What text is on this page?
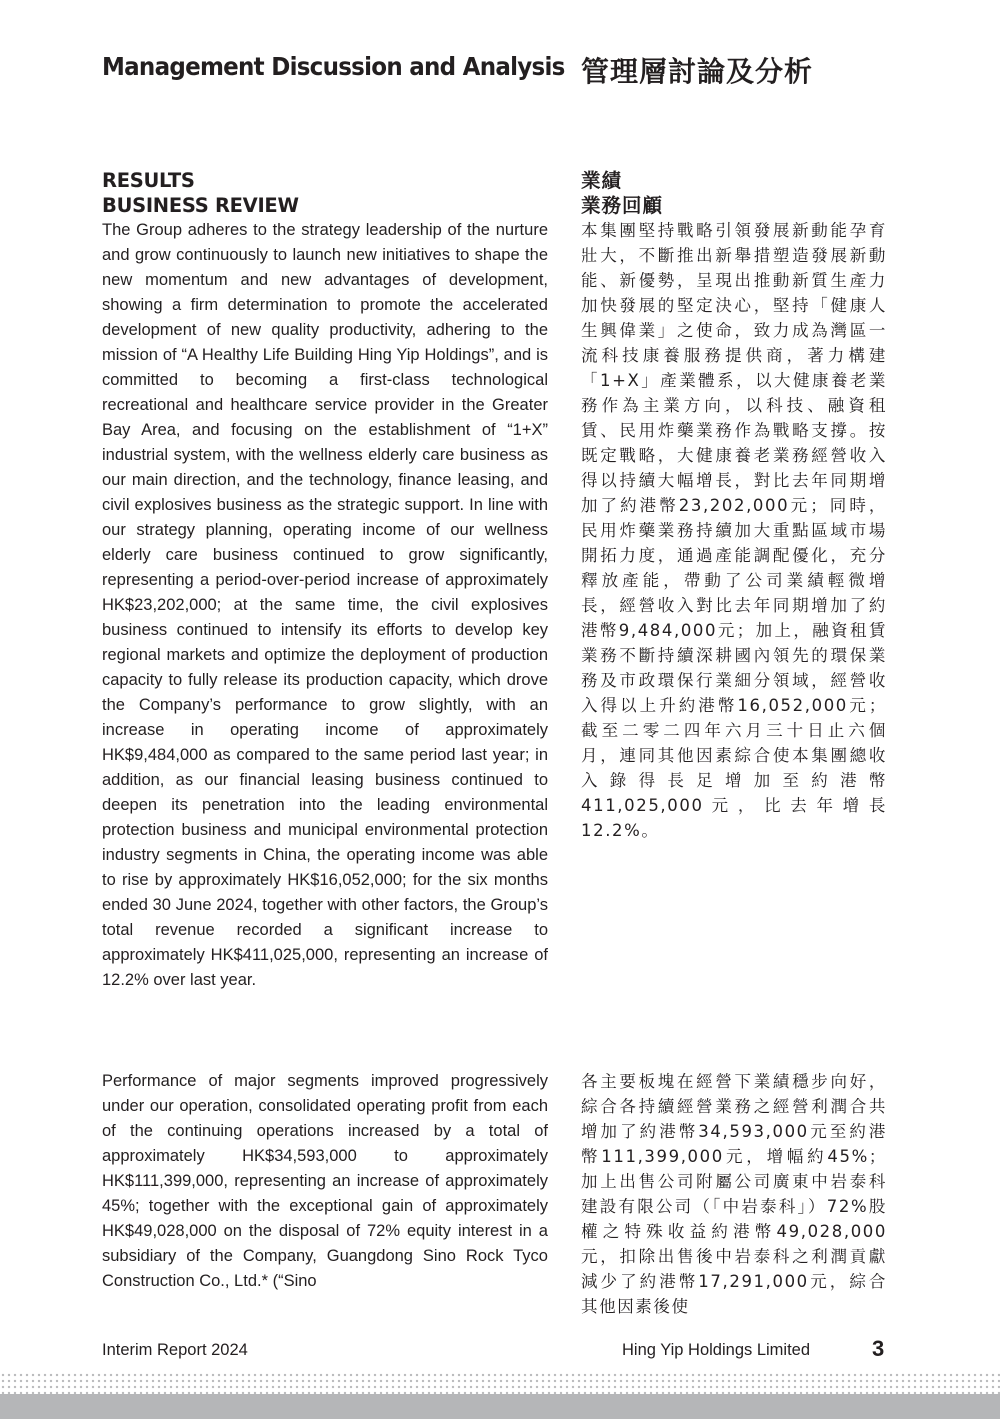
Management Discussion and Analysis 管理層討論及分析
RESULTS
BUSINESS REVIEW
業績
業務回顧

The Group adheres to the strategy leadership of the nurture and grow continuously to launch new initiatives to shape the new momentum and new advantages of development, showing a firm determination to promote the accelerated development of new quality productivity, adhering to the mission of “A Healthy Life Building Hing Yip Holdings”, and is committed to becoming a first-class technological recreational and healthcare service provider in the Greater Bay Area, and focusing on the establishment of “1+X” industrial system, with the wellness elderly care business as our main direction, and the technology, finance leasing, and civil explosives business as the strategic support. In line with our strategy planning, operating income of our wellness elderly care business continued to grow significantly, representing a period-over-period increase of approximately HK$23,202,000; at the same time, the civil explosives business continued to intensify its efforts to develop key regional markets and optimize the deployment of production capacity to fully release its production capacity, which drove the Company’s performance to grow slightly, with an increase in operating income of approximately HK$9,484,000 as compared to the same period last year; in addition, as our financial leasing business continued to deepen its penetration into the leading environmental protection business and municipal environmental protection industry segments in China, the operating income was able to rise by approximately HK$16,052,000; for the six months ended 30 June 2024, together with other factors, the Group’s total revenue recorded a significant increase to approximately HK$411,025,000, representing an increase of 12.2% over last year.

本集團堅持戰略引領發展新動能孕育壯大，不斷推出新舉措塑造發展新動能、新優勢，呈現出推動新質生產力加快發展的堅定決心，堅持「健康人生興偉業」之使命，致力成為灣區一流科技康養服務提供商，著力構建「1+X」產業體系，以大健康養老業務作為主業方向，以科技、融資租賃、民用炸藥業務作為戰略支撐。按既定戰略，大健康養老業務經營收入得以持續大幅增長，對比去年同期增加了約港幣23,202,000元；同時，民用炸藥業務持續加大重點區域市場開拓力度，通過產能調配優化，充分釋放產能，帶動了公司業績輕微增長，經營收入對比去年同期增加了約港幣9,484,000元；加上，融資租賃業務不斷持續深耕國內領先的環保業務及市政環保行業細分領域，經營收入得以上升約港幣16,052,000元；截至二零二四年六月三十日止六個月，連同其他因素綜合使本集團總收入錄得長足增加至約港幣411,025,000元，比去年增長12.2%。

Performance of major segments improved progressively under our operation, consolidated operating profit from each of the continuing operations increased by a total of approximately HK$34,593,000 to approximately HK$111,399,000, representing an increase of approximately 45%; together with the exceptional gain of approximately HK$49,028,000 on the disposal of 72% equity interest in a subsidiary of the Company, Guangdong Sino Rock Tyco Construction Co., Ltd.* (“Sino

各主要板塊在經營下業績穩步向好，綜合各持續經營業務之經營利潤合共增加了約港幣34,593,000元至約港幣111,399,000元，增幅約45%；加上出售公司附屬公司廣東中岩泰科建設有限公司（「中岩泰科」）72%股權之特殊收益約港幣49,028,000元，扣除出售後中岩泰科之利潤貢獻減少了約港幣17,291,000元，綜合其他因素後使

Interim Report 2024	Hing Yip Holdings Limited	3
